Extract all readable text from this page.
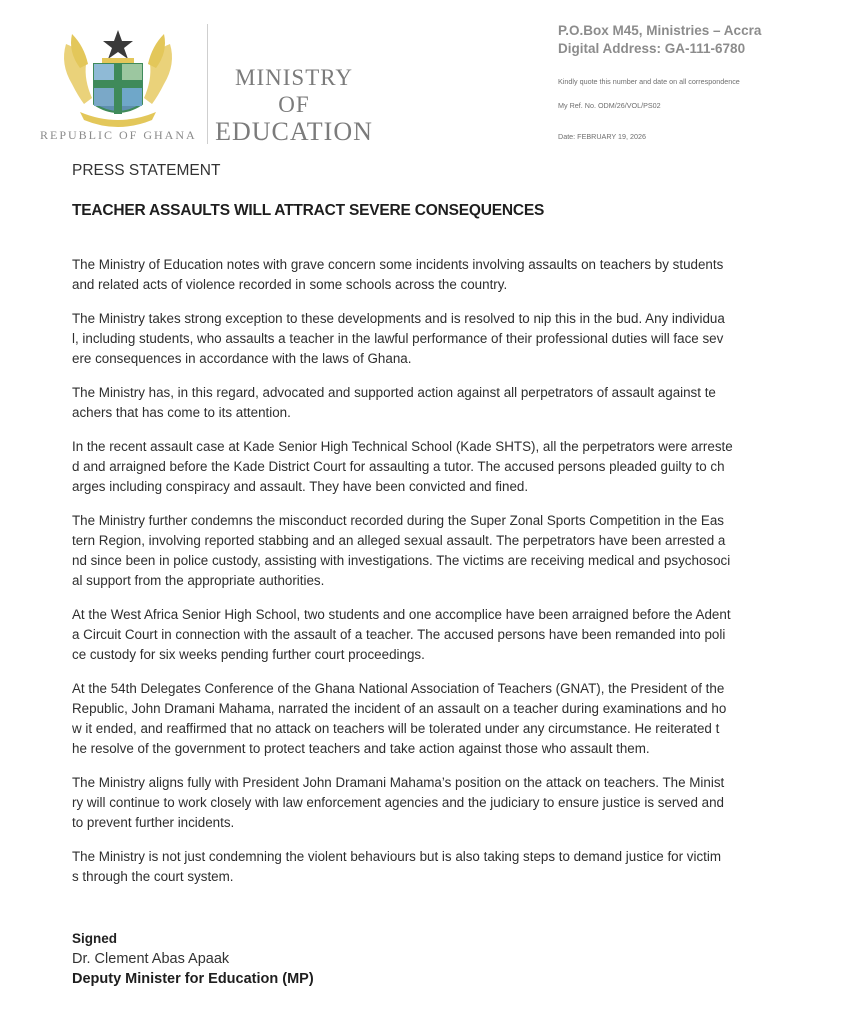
REPUBLIC OF GHANA
MINISTRY
OF
EDUCATION
P.O.Box M45, Ministries – Accra
Digital Address: GA-111-6780
Kindly quote this number and date on all correspondence
My Ref. No. ODM/26/VOL/PS02
Date: FEBRUARY 19, 2026
PRESS STATEMENT
TEACHER ASSAULTS WILL ATTRACT SEVERE CONSEQUENCES

The Ministry of Education notes with grave concern some incidents involving assaults on teachers by students
and related acts of violence recorded in some schools across the country.

The Ministry takes strong exception to these developments and is resolved to nip this in the bud. Any individua
l, including students, who assaults a teacher in the lawful performance of their professional duties will face sev
ere consequences in accordance with the laws of Ghana.

The Ministry has, in this regard, advocated and supported action against all perpetrators of assault against te
achers that has come to its attention.

In the recent assault case at Kade Senior High Technical School (Kade SHTS), all the perpetrators were arreste
d and arraigned before the Kade District Court for assaulting a tutor. The accused persons pleaded guilty to ch
arges including conspiracy and assault. They have been convicted and fined.

The Ministry further condemns the misconduct recorded during the Super Zonal Sports Competition in the Eas
tern Region, involving reported stabbing and an alleged sexual assault. The perpetrators have been arrested a
nd since been in police custody, assisting with investigations. The victims are receiving medical and psychosoci
al support from the appropriate authorities.

At the West Africa Senior High School, two students and one accomplice have been arraigned before the Adent
a Circuit Court in connection with the assault of a teacher. The accused persons have been remanded into poli
ce custody for six weeks pending further court proceedings.

At the 54th Delegates Conference of the Ghana National Association of Teachers (GNAT), the President of the
Republic, John Dramani Mahama, narrated the incident of an assault on a teacher during examinations and ho
w it ended, and reaffirmed that no attack on teachers will be tolerated under any circumstance. He reiterated t
he resolve of the government to protect teachers and take action against those who assault them.

The Ministry aligns fully with President John Dramani Mahama’s position on the attack on teachers. The Minist
ry will continue to work closely with law enforcement agencies and the judiciary to ensure justice is served and
to prevent further incidents.

The Ministry is not just condemning the violent behaviours but is also taking steps to demand justice for victim
s through the court system.

Signed
Dr. Clement Abas Apaak
Deputy Minister for Education (MP)
